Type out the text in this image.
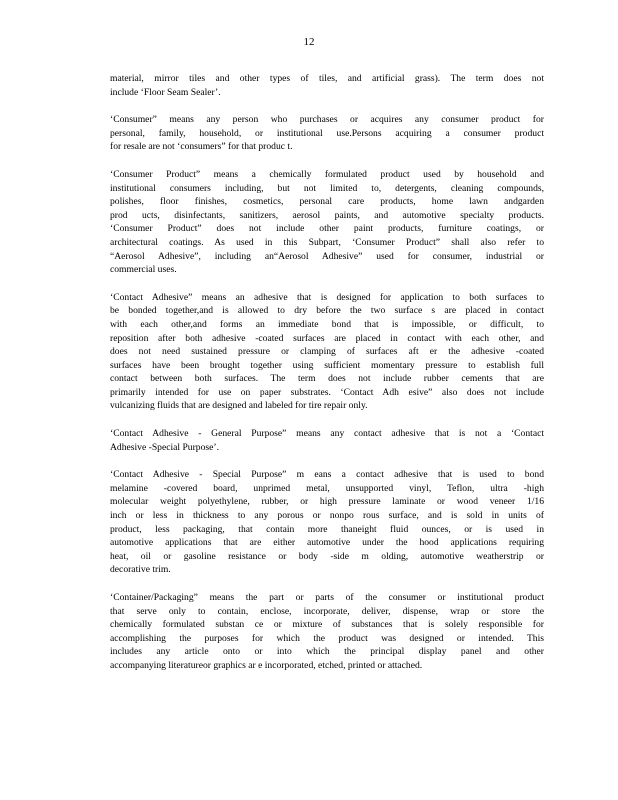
12

material, mirror tiles and other types of tiles, and artificial grass). The term does not
include ‘Floor Seam Sealer’.

‘Consumer” means any person who purchases or acquires any consumer product for
personal, family, household, or institutional use.Persons acquiring a consumer product
for resale are not ‘consumers” for that produc t.

‘Consumer Product” means a chemically formulated product used by household and
institutional consumers including, but not limited to, detergents, cleaning compounds,
polishes, floor finishes, cosmetics, personal care products, home lawn andgarden
prod ucts, disinfectants, sanitizers, aerosol paints, and automotive specialty products.
‘Consumer Product” does not include other paint products, furniture coatings, or
architectural coatings. As used in this Subpart, ‘Consumer Product” shall also refer to
“Aerosol Adhesive”, including an“Aerosol Adhesive” used for consumer, industrial or
commercial uses.

‘Contact Adhesive” means an adhesive that is designed for application to both surfaces to
be bonded together,and is allowed to dry before the two surface s are placed in contact
with each other,and forms an immediate bond that is impossible, or difficult, to
reposition after both adhesive -coated surfaces are placed in contact with each other, and
does not need sustained pressure or clamping of surfaces aft er the adhesive -coated
surfaces have been brought together using sufficient momentary pressure to establish full
contact between both surfaces. The term does not include rubber cements that are
primarily intended for use on paper substrates. ‘Contact Adh esive” also does not include
vulcanizing fluids that are designed and labeled for tire repair only.

‘Contact Adhesive - General Purpose” means any contact adhesive that is not a ‘Contact
Adhesive -Special Purpose’.

‘Contact Adhesive - Special Purpose” m eans a contact adhesive that is used to bond
melamine -covered board, unprimed metal, unsupported vinyl, Teflon, ultra -high
molecular weight polyethylene, rubber, or high pressure laminate or wood veneer 1/16
inch or less in thickness to any porous or nonpo rous surface, and is sold in units of
product, less packaging, that contain more thaneight fluid ounces, or is used in
automotive applications that are either automotive under the hood applications requiring
heat, oil or gasoline resistance or body -side m olding, automotive weatherstrip or
decorative trim.

‘Container/Packaging” means the part or parts of the consumer or institutional product
that serve only to contain, enclose, incorporate, deliver, dispense, wrap or store the
chemically formulated substan ce or mixture of substances that is solely responsible for
accomplishing the purposes for which the product was designed or intended. This
includes any article onto or into which the principal display panel and other
accompanying literatureor graphics ar e incorporated, etched, printed or attached.
